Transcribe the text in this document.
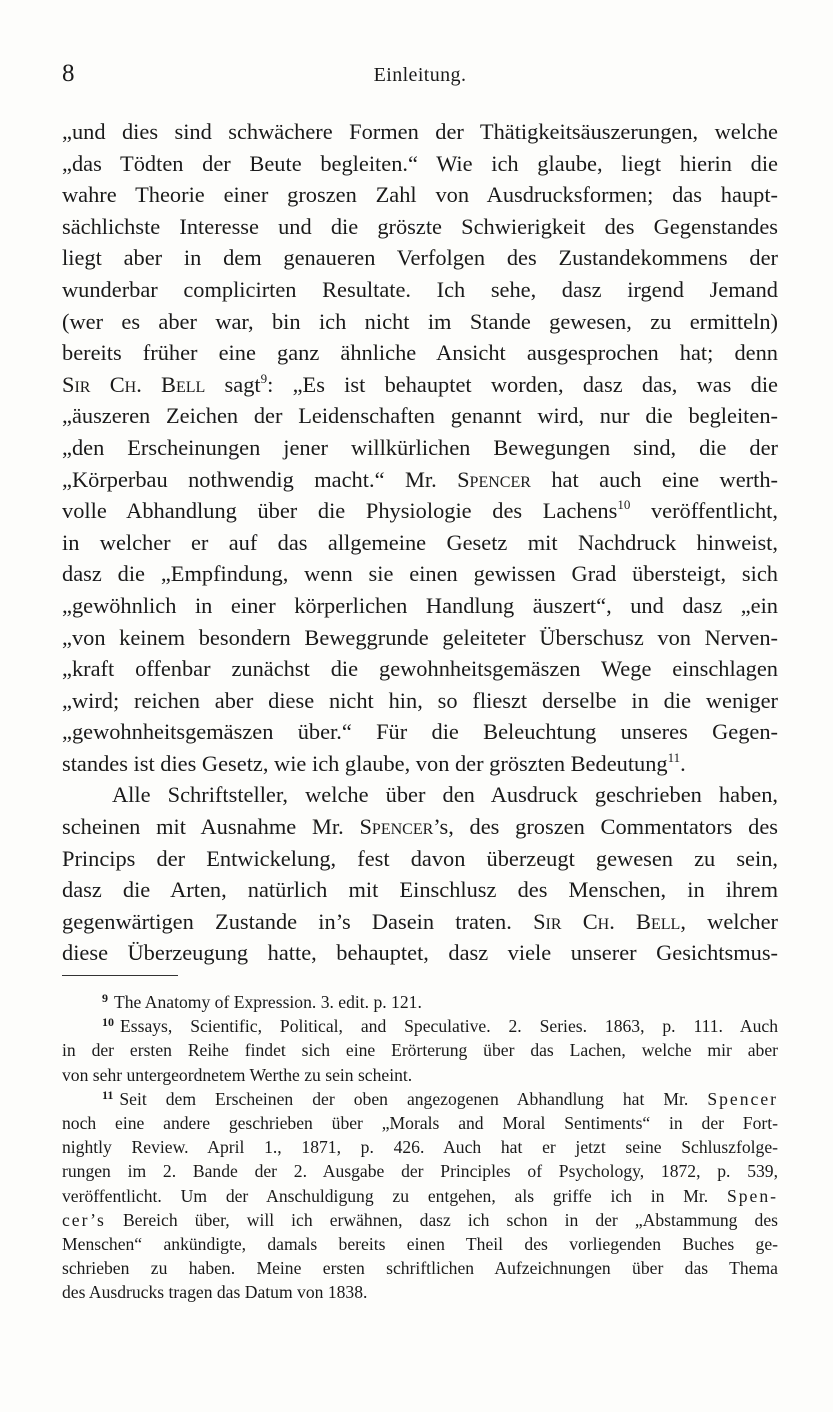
8	Einleitung.
„und dies sind schwächere Formen der Thätigkeitsäuszerungen, welche
„das Tödten der Beute begleiten.“ Wie ich glaube, liegt hierin die
wahre Theorie einer groszen Zahl von Ausdrucksformen; das haupt-
sächlichste Interesse und die gröszte Schwierigkeit des Gegenstandes
liegt aber in dem genaueren Verfolgen des Zustandekommens der
wunderbar complicirten Resultate. Ich sehe, dasz irgend Jemand
(wer es aber war, bin ich nicht im Stande gewesen, zu ermitteln)
bereits früher eine ganz ähnliche Ansicht ausgesprochen hat; denn
Sir Ch. Bell sagt$^9$: „Es ist behauptet worden, dasz das, was die
„äuszeren Zeichen der Leidenschaften genannt wird, nur die begleiten-
„den Erscheinungen jener willkürlichen Bewegungen sind, die der
„Körperbau nothwendig macht.“ Mr. Spencer hat auch eine werth-
volle Abhandlung über die Physiologie des Lachens$^{10}$ veröffentlicht,
in welcher er auf das allgemeine Gesetz mit Nachdruck hinweist,
dasz die „Empfindung, wenn sie einen gewissen Grad übersteigt, sich
„gewöhnlich in einer körperlichen Handlung äuszert“, und dasz „ein
„von keinem besondern Beweggrunde geleiteter Überschusz von Nerven-
„kraft offenbar zunächst die gewohnheitsgemäszen Wege einschlagen
„wird; reichen aber diese nicht hin, so flieszt derselbe in die weniger
„gewohnheitsgemäszen über.“ Für die Beleuchtung unseres Gegen-
standes ist dies Gesetz, wie ich glaube, von der gröszten Bedeutung$^{11}$.
Alle Schriftsteller, welche über den Ausdruck geschrieben haben,
scheinen mit Ausnahme Mr. Spencer’s, des groszen Commentators des
Princips der Entwickelung, fest davon überzeugt gewesen zu sein,
dasz die Arten, natürlich mit Einschlusz des Menschen, in ihrem
gegenwärtigen Zustande in’s Dasein traten. Sir Ch. Bell, welcher
diese Überzeugung hatte, behauptet, dasz viele unserer Gesichtsmus-
$^9$ The Anatomy of Expression. 3. edit. p. 121.
$^{10}$ Essays, Scientific, Political, and Speculative. 2. Series. 1863, p. 111. Auch
in der ersten Reihe findet sich eine Erörterung über das Lachen, welche mir aber
von sehr untergeordnetem Werthe zu sein scheint.
$^{11}$ Seit dem Erscheinen der oben angezogenen Abhandlung hat Mr. Spencer
noch eine andere geschrieben über „Morals and Moral Sentiments“ in der Fort-
nightly Review. April 1., 1871, p. 426. Auch hat er jetzt seine Schluszfolge-
rungen im 2. Bande der 2. Ausgabe der Principles of Psychology, 1872, p. 539,
veröffentlicht. Um der Anschuldigung zu entgehen, als griffe ich in Mr. Spen-
cer’s Bereich über, will ich erwähnen, dasz ich schon in der „Abstammung des
Menschen“ ankündigte, damals bereits einen Theil des vorliegenden Buches ge-
schrieben zu haben. Meine ersten schriftlichen Aufzeichnungen über das Thema
des Ausdrucks tragen das Datum von 1838.
